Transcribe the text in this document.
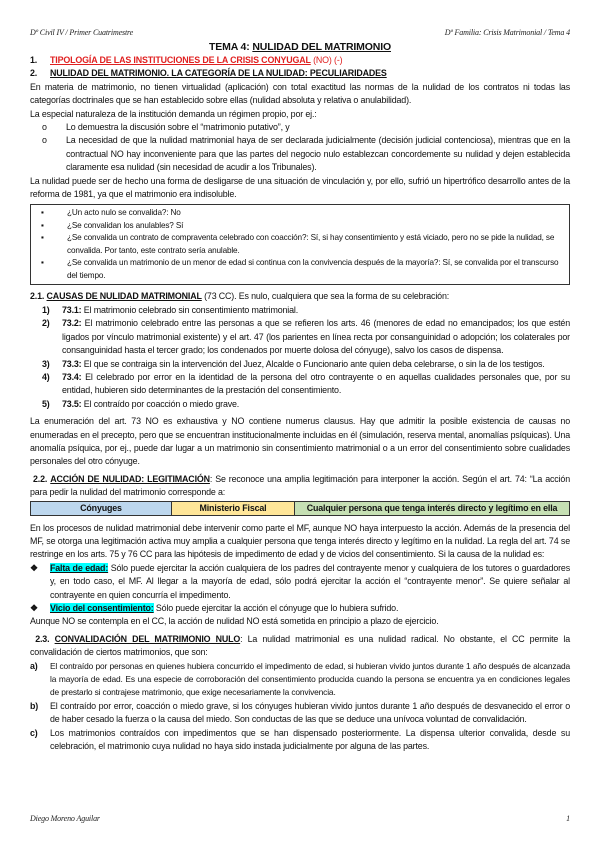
Dº Civil IV / Primer Cuatrimestre	Dº Familia: Crisis Matrimonial / Tema 4
TEMA 4: NULIDAD DEL MATRIMONIO
1.	TIPOLOGÍA DE LAS INSTITUCIONES DE LA CRISIS CONYUGAL (NO) (-)
2.	NULIDAD DEL MATRIMONIO. LA CATEGORÍA DE LA NULIDAD: PECULIARIDADES

En materia de matrimonio, no tienen virtualidad (aplicación) con total exactitud las normas de la nulidad de los contratos ni todas las categorías doctrinales que se han establecido sobre ellas (nulidad absoluta y relativa o anulabilidad).

La especial naturaleza de la institución demanda un régimen propio, por ej.:

o	Lo demuestra la discusión sobre el “matrimonio putativo”, y
o	La necesidad de que la nulidad matrimonial haya de ser declarada judicialmente (decisión judicial contenciosa), mientras que en la contractual NO hay inconveniente para que las partes del negocio nulo establezcan concordemente su nulidad y dejen establecida claramente esa nulidad (sin necesidad de acudir a los Tribunales).

La nulidad puede ser de hecho una forma de desligarse de una situación de vinculación y, por ello, sufrió un hipertrófico desarrollo antes de la reforma de 1981, ya que el matrimonio era indisoluble.

▪	¿Un acto nulo se convalida?: No
▪	¿Se convalidan los anulables? Sí
▪	¿Se convalida un contrato de compraventa celebrado con coacción?: Sí, si hay consentimiento y está viciado, pero no se pide la nulidad, se convalida. Por tanto, este contrato sería anulable.
▪	¿Se convalida un matrimonio de un menor de edad si continua con la convivencia después de la mayoría?: Sí, se convalida por el transcurso del tiempo.

2.1. CAUSAS DE NULIDAD MATRIMONIAL (73 CC). Es nulo, cualquiera que sea la forma de su celebración:

1)	73.1: El matrimonio celebrado sin consentimiento matrimonial.

2)	73.2: El matrimonio celebrado entre las personas a que se refieren los arts. 46 (menores de edad no emancipados; los que estén ligados por vínculo matrimonial existente) y el art. 47 (los parientes en línea recta por consanguinidad o adopción; los colaterales por consanguinidad hasta el tercer grado; los condenados por muerte dolosa del cónyuge), salvo los casos de dispensa.

3)	73.3: El que se contraiga sin la intervención del Juez, Alcalde o Funcionario ante quien deba celebrarse, o sin la de los testigos.

4)	73.4: El celebrado por error en la identidad de la persona del otro contrayente o en aquellas cualidades personales que, por su entidad, hubieren sido determinantes de la prestación del consentimiento.

5)	73.5: El contraído por coacción o miedo grave.

La enumeración del art. 73 NO es exhaustiva y NO contiene numerus clausus. Hay que admitir la posible existencia de causas no enumeradas en el precepto, pero que se encuentran institucionalmente incluidas en él (simulación, reserva mental, anomalías psíquicas). Una anomalía psíquica, por ej., puede dar lugar a un matrimonio sin consentimiento matrimonial o a un error del consentimiento sobre cualidades personales del otro cónyuge.

2.2. ACCIÓN DE NULIDAD: LEGITIMACIÓN: Se reconoce una amplia legitimación para interponer la acción. Según el art. 74: “La acción para pedir la nulidad del matrimonio corresponde a:

Cónyuges	Ministerio Fiscal	Cualquier persona que tenga interés directo y legítimo en ella

En los procesos de nulidad matrimonial debe intervenir como parte el MF, aunque NO haya interpuesto la acción. Además de la presencia del MF, se otorga una legitimación activa muy amplia a cualquier persona que tenga interés directo y legítimo en la nulidad. La regla del art. 74 se restringe en los arts. 75 y 76 CC para las hipótesis de impedimento de edad y de vicios del consentimiento. Si la causa de la nulidad es:

❖	Falta de edad: Sólo puede ejercitar la acción cualquiera de los padres del contrayente menor y cualquiera de los tutores o guardadores y, en todo caso, el MF. Al llegar a la mayoría de edad, sólo podrá ejercitar la acción el “contrayente menor”. Se quiere señalar al contrayente en quien concurría el impedimento.

❖	Vicio del consentimiento: Sólo puede ejercitar la acción el cónyuge que lo hubiera sufrido.

Aunque NO se contempla en el CC, la acción de nulidad NO está sometida en principio a plazo de ejercicio.

2.3. CONVALIDACIÓN DEL MATRIMONIO NULO: La nulidad matrimonial es una nulidad radical. No obstante, el CC permite la convalidación de ciertos matrimonios, que son:

a)	El contraído por personas en quienes hubiera concurrido el impedimento de edad, si hubieran vivido juntos durante 1 año después de alcanzada la mayoría de edad. Es una especie de corroboración del consentimiento producida cuando la persona se encuentra ya en condiciones legales de prestarlo si contrajese matrimonio, que exige necesariamente la convivencia.

b)	El contraído por error, coacción o miedo grave, si los cónyuges hubieran vivido juntos durante 1 año después de desvanecido el error o de haber cesado la fuerza o la causa del miedo. Son conductas de las que se deduce una unívoca voluntad de convalidación.

c)	Los matrimonios contraídos con impedimentos que se han dispensado posteriormente. La dispensa ulterior convalida, desde su celebración, el matrimonio cuya nulidad no haya sido instada judicialmente por alguna de las partes.

Diego Moreno Aguilar	1
